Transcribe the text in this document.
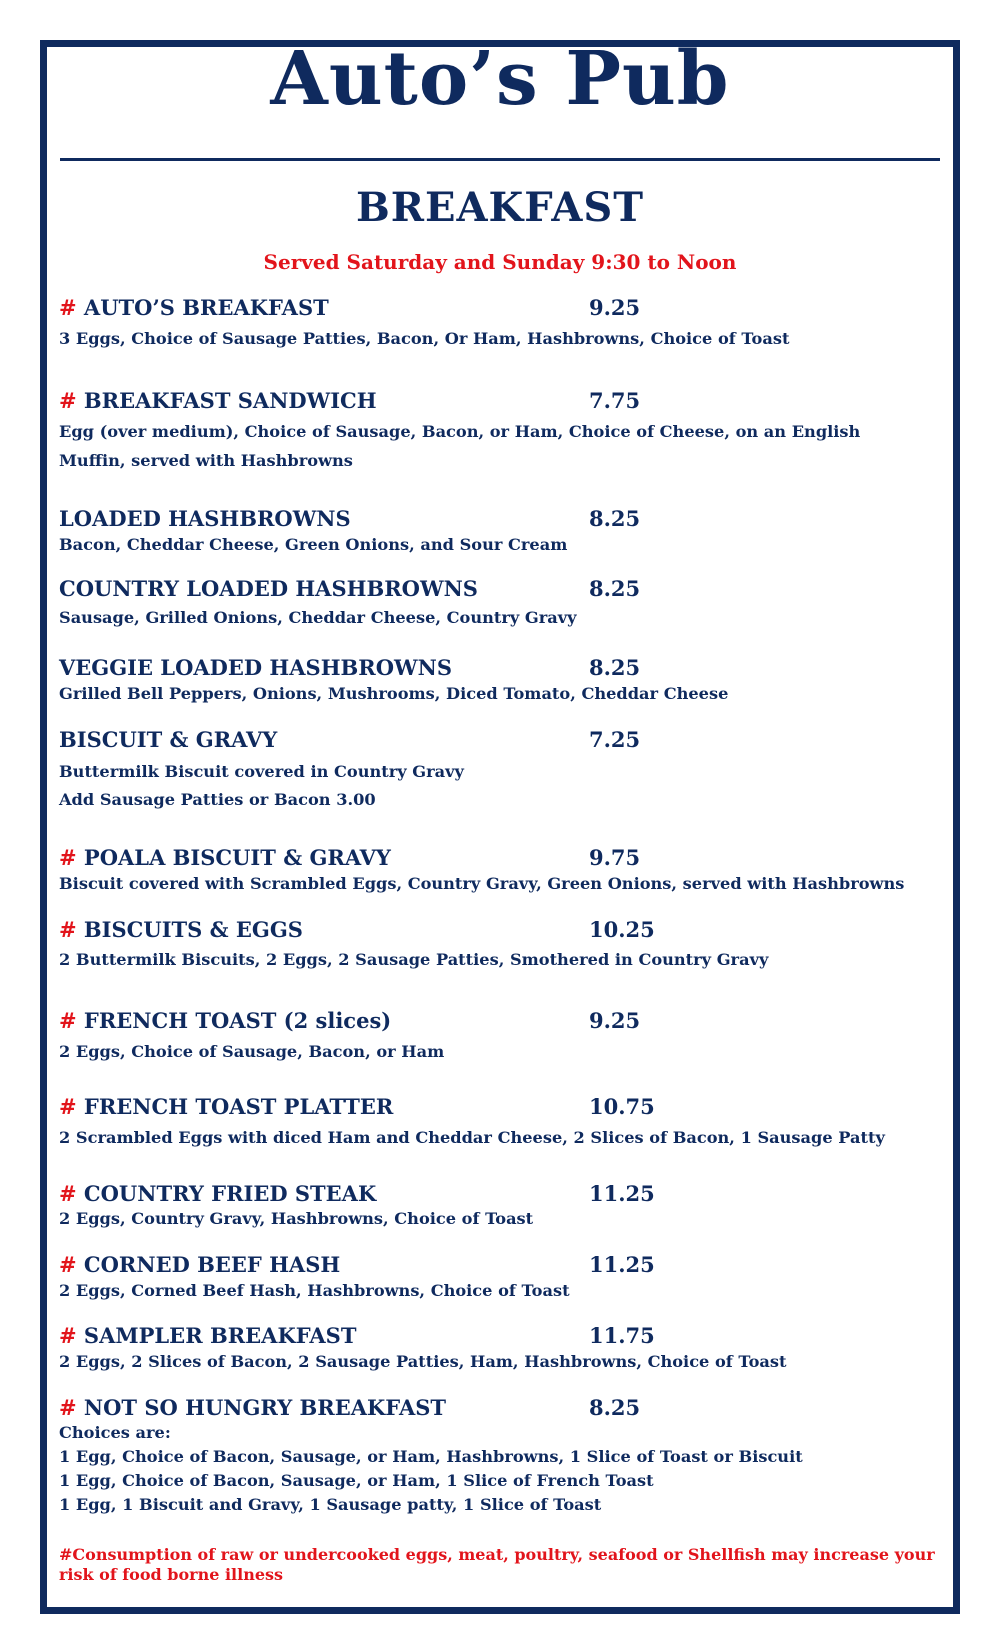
Auto’s Pub
BREAKFAST
Served Saturday and Sunday 9:30 to Noon
# AUTO’S BREAKFAST	9.25
3 Eggs, Choice of Sausage Patties, Bacon, Or Ham, Hashbrowns, Choice of Toast
# BREAKFAST SANDWICH	7.75
Egg (over medium), Choice of Sausage, Bacon, or Ham, Choice of Cheese, on an English
Muffin, served with Hashbrowns
LOADED HASHBROWNS	8.25
Bacon, Cheddar Cheese, Green Onions, and Sour Cream
COUNTRY LOADED HASHBROWNS	8.25
Sausage, Grilled Onions, Cheddar Cheese, Country Gravy
VEGGIE LOADED HASHBROWNS	8.25
Grilled Bell Peppers, Onions, Mushrooms, Diced Tomato, Cheddar Cheese
BISCUIT & GRAVY	7.25
Buttermilk Biscuit covered in Country Gravy
Add Sausage Patties or Bacon 3.00
# POALA BISCUIT & GRAVY	9.75
Biscuit covered with Scrambled Eggs, Country Gravy, Green Onions, served with Hashbrowns
# BISCUITS & EGGS	10.25
2 Buttermilk Biscuits, 2 Eggs, 2 Sausage Patties, Smothered in Country Gravy
# FRENCH TOAST (2 slices)	9.25
2 Eggs, Choice of Sausage, Bacon, or Ham
# FRENCH TOAST PLATTER	10.75
2 Scrambled Eggs with diced Ham and Cheddar Cheese, 2 Slices of Bacon, 1 Sausage Patty
# COUNTRY FRIED STEAK	11.25
2 Eggs, Country Gravy, Hashbrowns, Choice of Toast
# CORNED BEEF HASH	11.25
2 Eggs, Corned Beef Hash, Hashbrowns, Choice of Toast
# SAMPLER BREAKFAST	11.75
2 Eggs, 2 Slices of Bacon, 2 Sausage Patties, Ham, Hashbrowns, Choice of Toast
# NOT SO HUNGRY BREAKFAST	8.25
Choices are:
1 Egg, Choice of Bacon, Sausage, or Ham, Hashbrowns, 1 Slice of Toast or Biscuit
1 Egg, Choice of Bacon, Sausage, or Ham, 1 Slice of French Toast
1 Egg, 1 Biscuit and Gravy, 1 Sausage patty, 1 Slice of Toast
#Consumption of raw or undercooked eggs, meat, poultry, seafood or Shellfish may increase your risk of food borne illness
